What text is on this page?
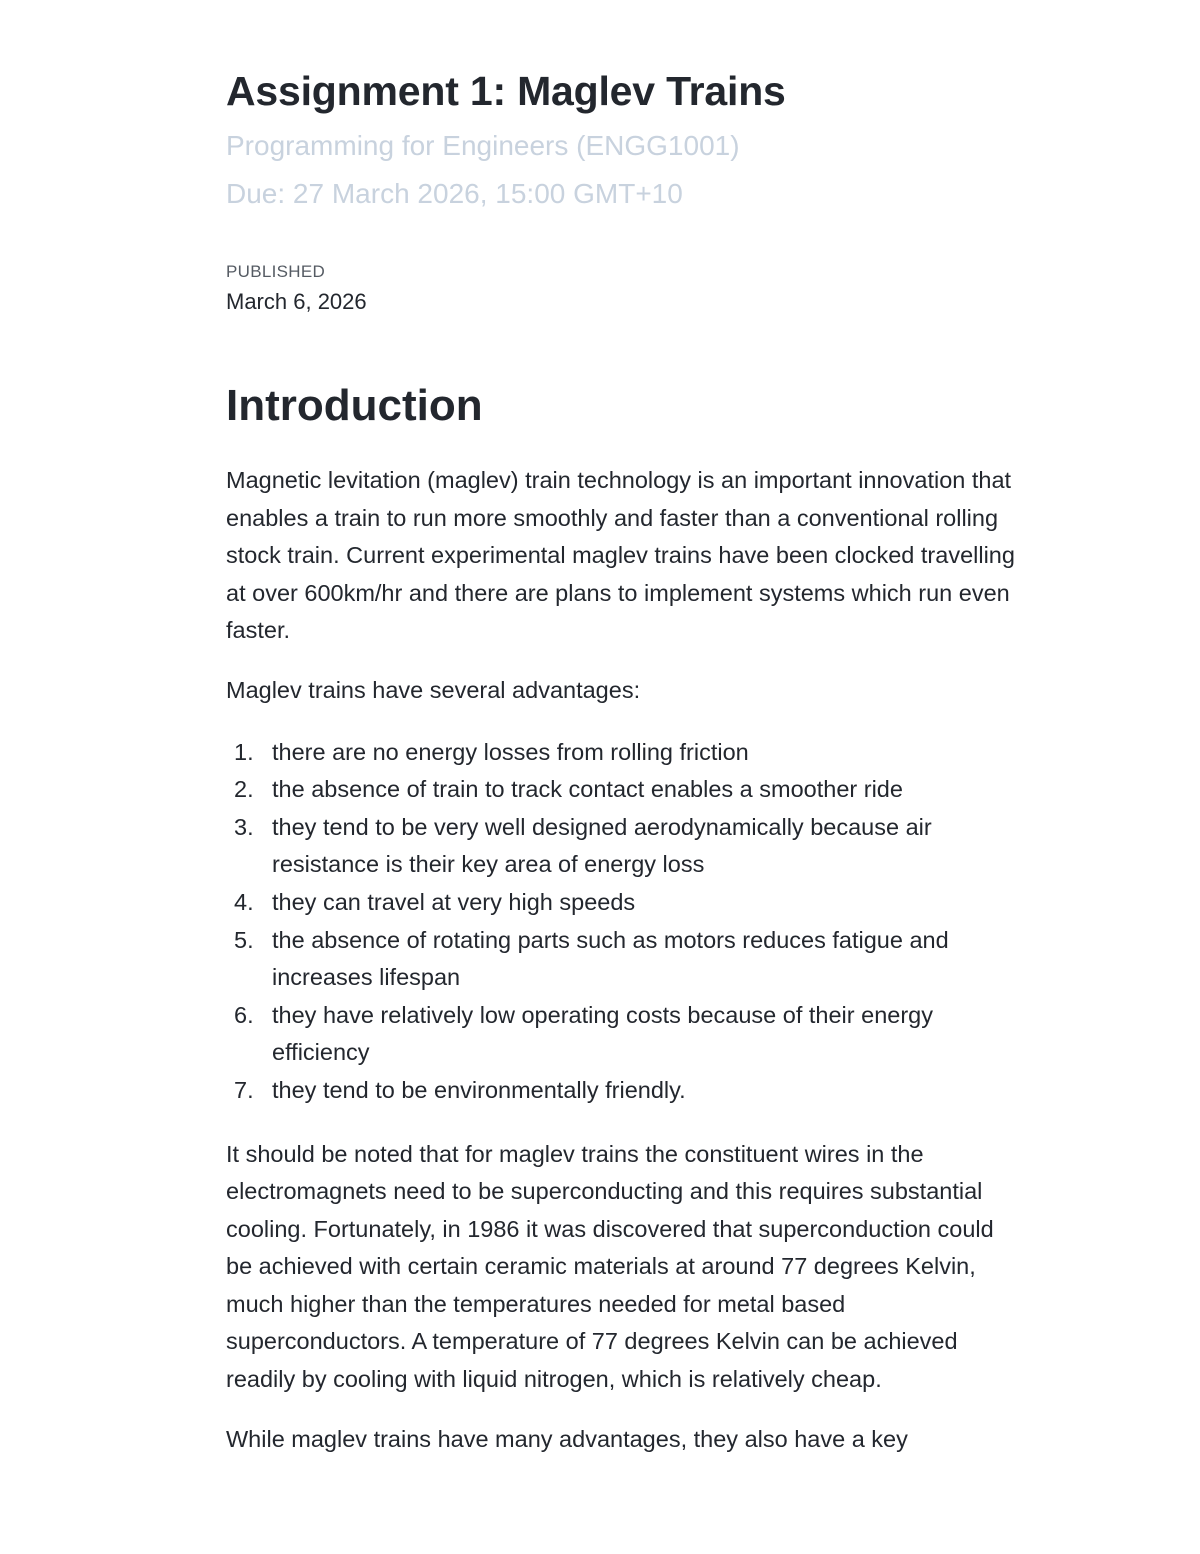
Assignment 1: Maglev Trains
Programming for Engineers (ENGG1001)
Due: 27 March 2026, 15:00 GMT+10
PUBLISHED
March 6, 2026
Introduction

Magnetic levitation (maglev) train technology is an important innovation that enables a train to run more smoothly and faster than a conventional rolling stock train. Current experimental maglev trains have been clocked travelling at over 600km/hr and there are plans to implement systems which run even faster.

Maglev trains have several advantages:

1. there are no energy losses from rolling friction
2. the absence of train to track contact enables a smoother ride
3. they tend to be very well designed aerodynamically because air resistance is their key area of energy loss
4. they can travel at very high speeds
5. the absence of rotating parts such as motors reduces fatigue and increases lifespan
6. they have relatively low operating costs because of their energy efficiency
7. they tend to be environmentally friendly.

It should be noted that for maglev trains the constituent wires in the electromagnets need to be superconducting and this requires substantial cooling. Fortunately, in 1986 it was discovered that superconduction could be achieved with certain ceramic materials at around 77 degrees Kelvin, much higher than the temperatures needed for metal based superconductors. A temperature of 77 degrees Kelvin can be achieved readily by cooling with liquid nitrogen, which is relatively cheap.

While maglev trains have many advantages, they also have a key
